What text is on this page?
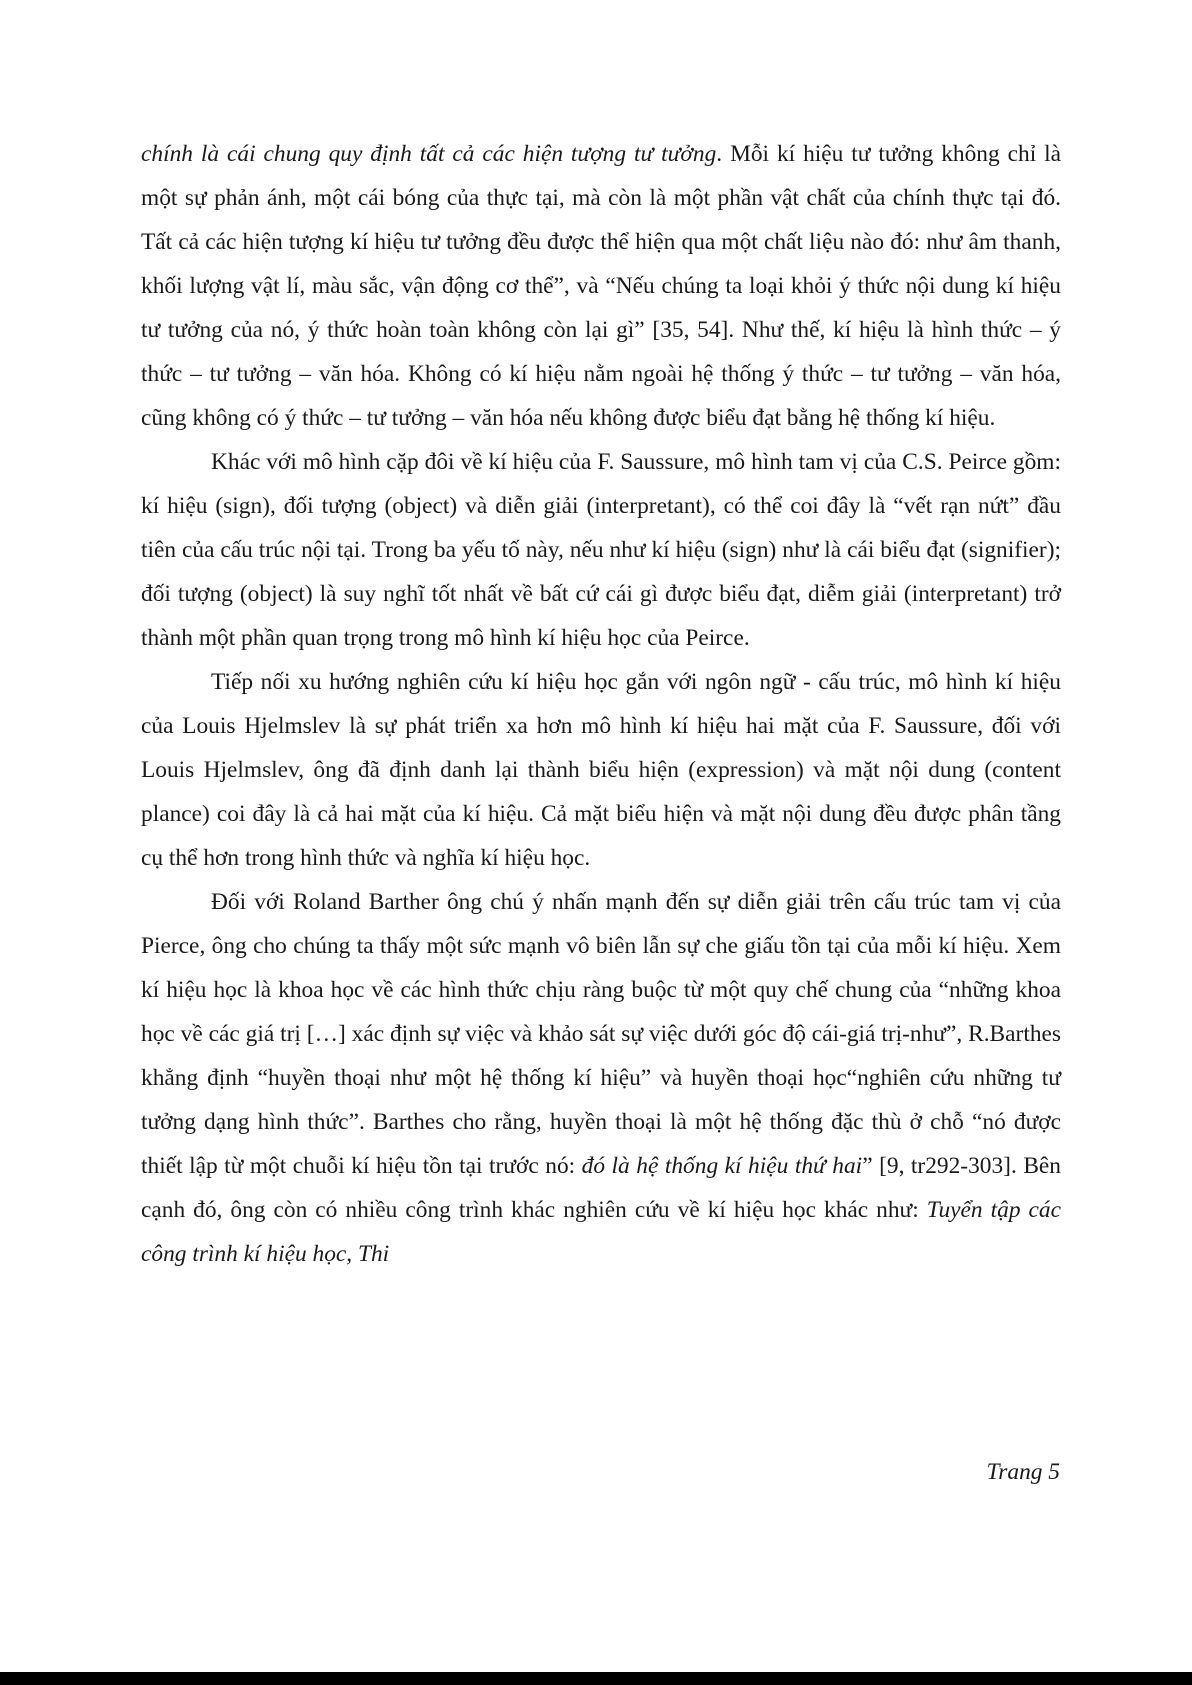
chính là cái chung quy định tất cả các hiện tượng tư tưởng. Mỗi kí hiệu tư tưởng không chỉ là một sự phản ánh, một cái bóng của thực tại, mà còn là một phần vật chất của chính thực tại đó. Tất cả các hiện tượng kí hiệu tư tưởng đều được thể hiện qua một chất liệu nào đó: như âm thanh, khối lượng vật lí, màu sắc, vận động cơ thể”, và “Nếu chúng ta loại khỏi ý thức nội dung kí hiệu tư tưởng của nó, ý thức hoàn toàn không còn lại gì” [35, 54]. Như thế, kí hiệu là hình thức – ý thức – tư tưởng – văn hóa. Không có kí hiệu nằm ngoài hệ thống ý thức – tư tưởng – văn hóa, cũng không có ý thức – tư tưởng – văn hóa nếu không được biểu đạt bằng hệ thống kí hiệu.

Khác với mô hình cặp đôi về kí hiệu của F. Saussure, mô hình tam vị của C.S. Peirce gồm: kí hiệu (sign), đối tượng (object) và diễn giải (interpretant), có thể coi đây là “vết rạn nứt” đầu tiên của cấu trúc nội tại. Trong ba yếu tố này, nếu như kí hiệu (sign) như là cái biểu đạt (signifier); đối tượng (object) là suy nghĩ tốt nhất về bất cứ cái gì được biểu đạt, diễm giải (interpretant) trở thành một phần quan trọng trong mô hình kí hiệu học của Peirce.

Tiếp nối xu hướng nghiên cứu kí hiệu học gắn với ngôn ngữ - cấu trúc, mô hình kí hiệu của Louis Hjelmslev là sự phát triển xa hơn mô hình kí hiệu hai mặt của F. Saussure, đối với Louis Hjelmslev, ông đã định danh lại thành biểu hiện (expression) và mặt nội dung (content plance) coi đây là cả hai mặt của kí hiệu. Cả mặt biểu hiện và mặt nội dung đều được phân tầng cụ thể hơn trong hình thức và nghĩa kí hiệu học.

Đối với Roland Barther ông chú ý nhấn mạnh đến sự diễn giải trên cấu trúc tam vị của Pierce, ông cho chúng ta thấy một sức mạnh vô biên lẫn sự che giấu tồn tại của mỗi kí hiệu. Xem kí hiệu học là khoa học về các hình thức chịu ràng buộc từ một quy chế chung của “những khoa học về các giá trị […] xác định sự việc và khảo sát sự việc dưới góc độ cái-giá trị-như”, R.Barthes khẳng định “huyền thoại như một hệ thống kí hiệu” và huyền thoại học“nghiên cứu những tư tưởng dạng hình thức”. Barthes cho rằng, huyền thoại là một hệ thống đặc thù ở chỗ “nó được thiết lập từ một chuỗi kí hiệu tồn tại trước nó: đó là hệ thống kí hiệu thứ hai” [9, tr292-303]. Bên cạnh đó, ông còn có nhiều công trình khác nghiên cứu về kí hiệu học khác như: Tuyển tập các công trình kí hiệu học, Thi

Trang 5
